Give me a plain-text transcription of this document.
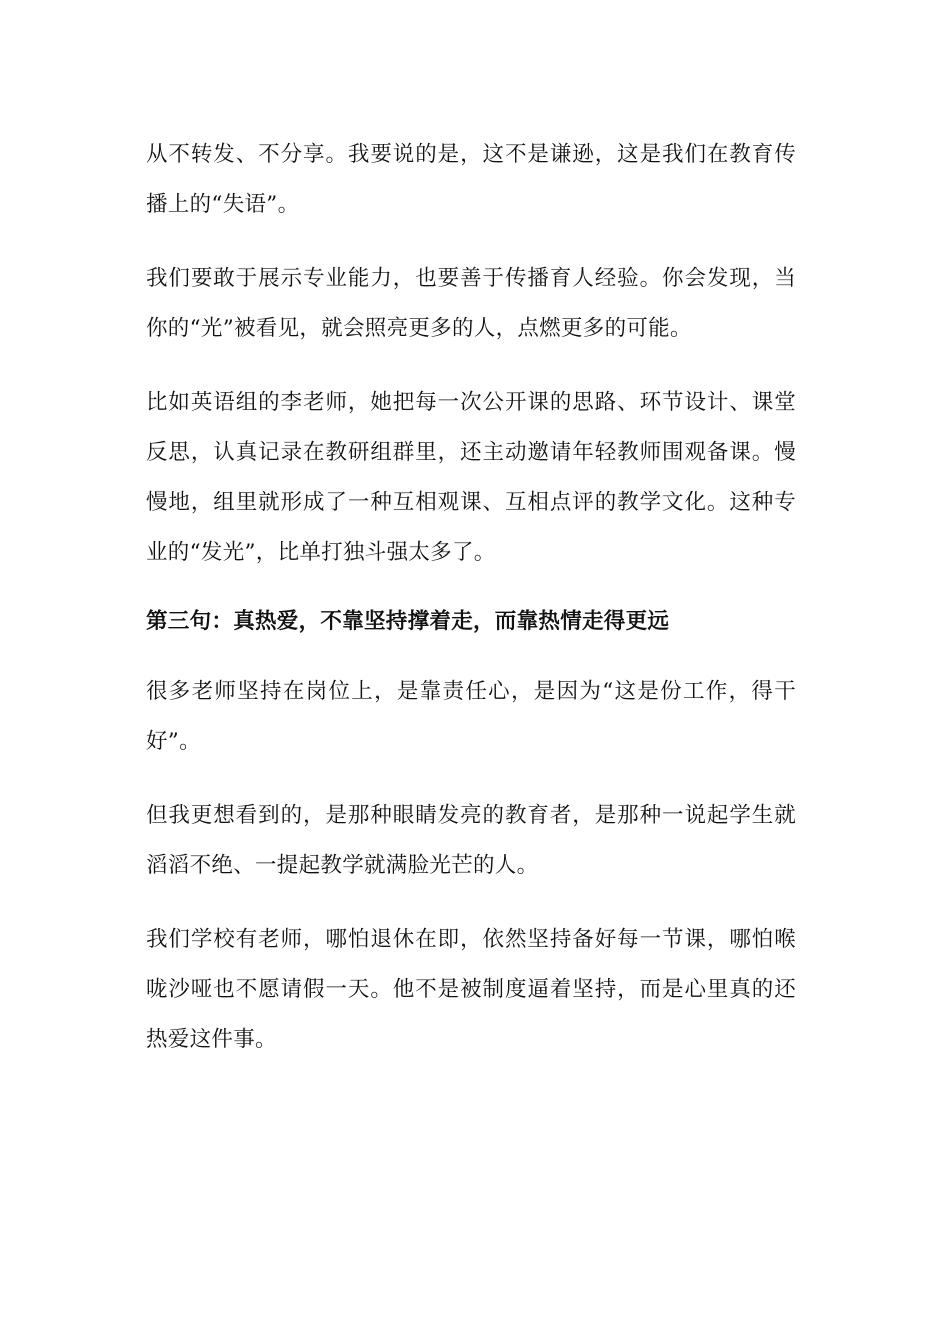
从不转发、不分享。我要说的是，这不是谦逊，这是我们在教育传播上的“失语”。

我们要敢于展示专业能力，也要善于传播育人经验。你会发现，当你的“光”被看见，就会照亮更多的人，点燃更多的可能。

比如英语组的李老师，她把每一次公开课的思路、环节设计、课堂反思，认真记录在教研组群里，还主动邀请年轻教师围观备课。慢慢地，组里就形成了一种互相观课、互相点评的教学文化。这种专业的“发光”，比单打独斗强太多了。

第三句：真热爱，不靠坚持撑着走，而靠热情走得更远

很多老师坚持在岗位上，是靠责任心，是因为“这是份工作，得干好”。

但我更想看到的，是那种眼睛发亮的教育者，是那种一说起学生就滔滔不绝、一提起教学就满脸光芒的人。

我们学校有老师，哪怕退休在即，依然坚持备好每一节课，哪怕喉咙沙哑也不愿请假一天。他不是被制度逼着坚持，而是心里真的还热爱这件事。
